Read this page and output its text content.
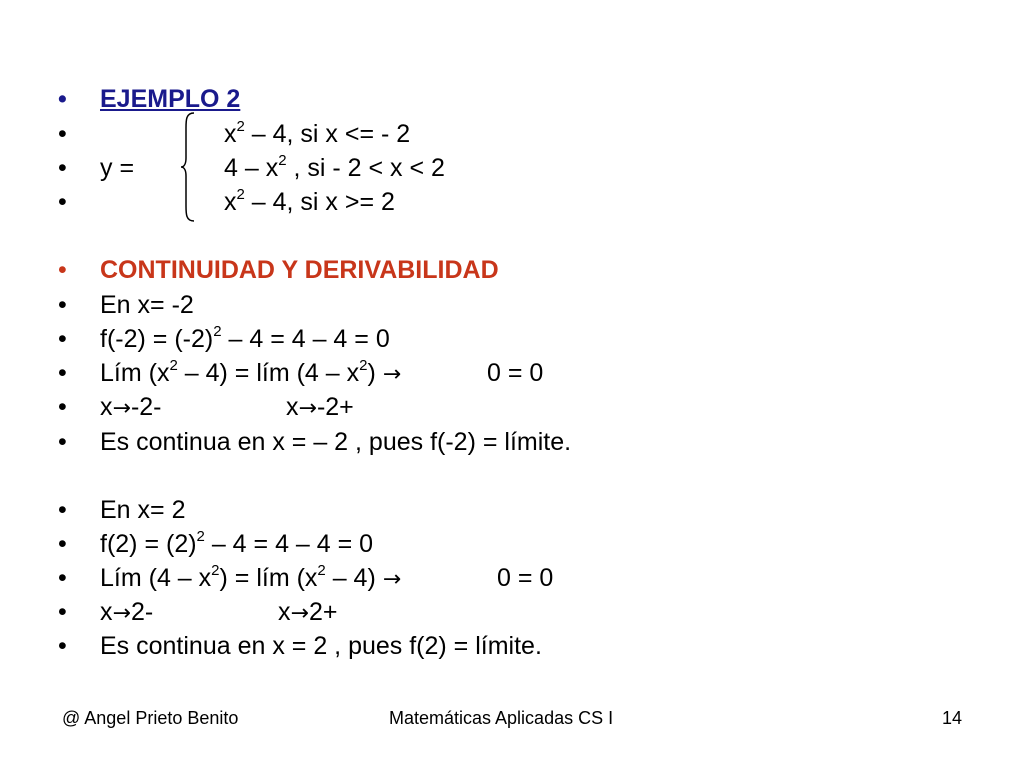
• EJEMPLO 2
•	$x^2 - 4$, si x <= - 2
• y =	$4 - x^2$ , si - 2 < x < 2
•	$x^2 - 4$, si x >= 2
• CONTINUIDAD Y DERIVABILIDAD
• En x= -2
• $f(-2) = (-2)^2 - 4 = 4 - 4 = 0$
• Lím $(x^2 - 4)$ = lím $(4 - x^2)$ →	0 = 0
• x→-2-	x→-2+
• Es continua en x = – 2 , pues f(-2) = límite.
• En x= 2
• $f(2) = (2)^2 - 4 = 4 - 4 = 0$
• Lím $(4 - x^2)$ = lím $(x^2 - 4)$ →	0 = 0
• x→2-	x→2+
• Es continua en x = 2 , pues f(2) = límite.
@ Angel Prieto Benito	Matemáticas Aplicadas CS I	14
